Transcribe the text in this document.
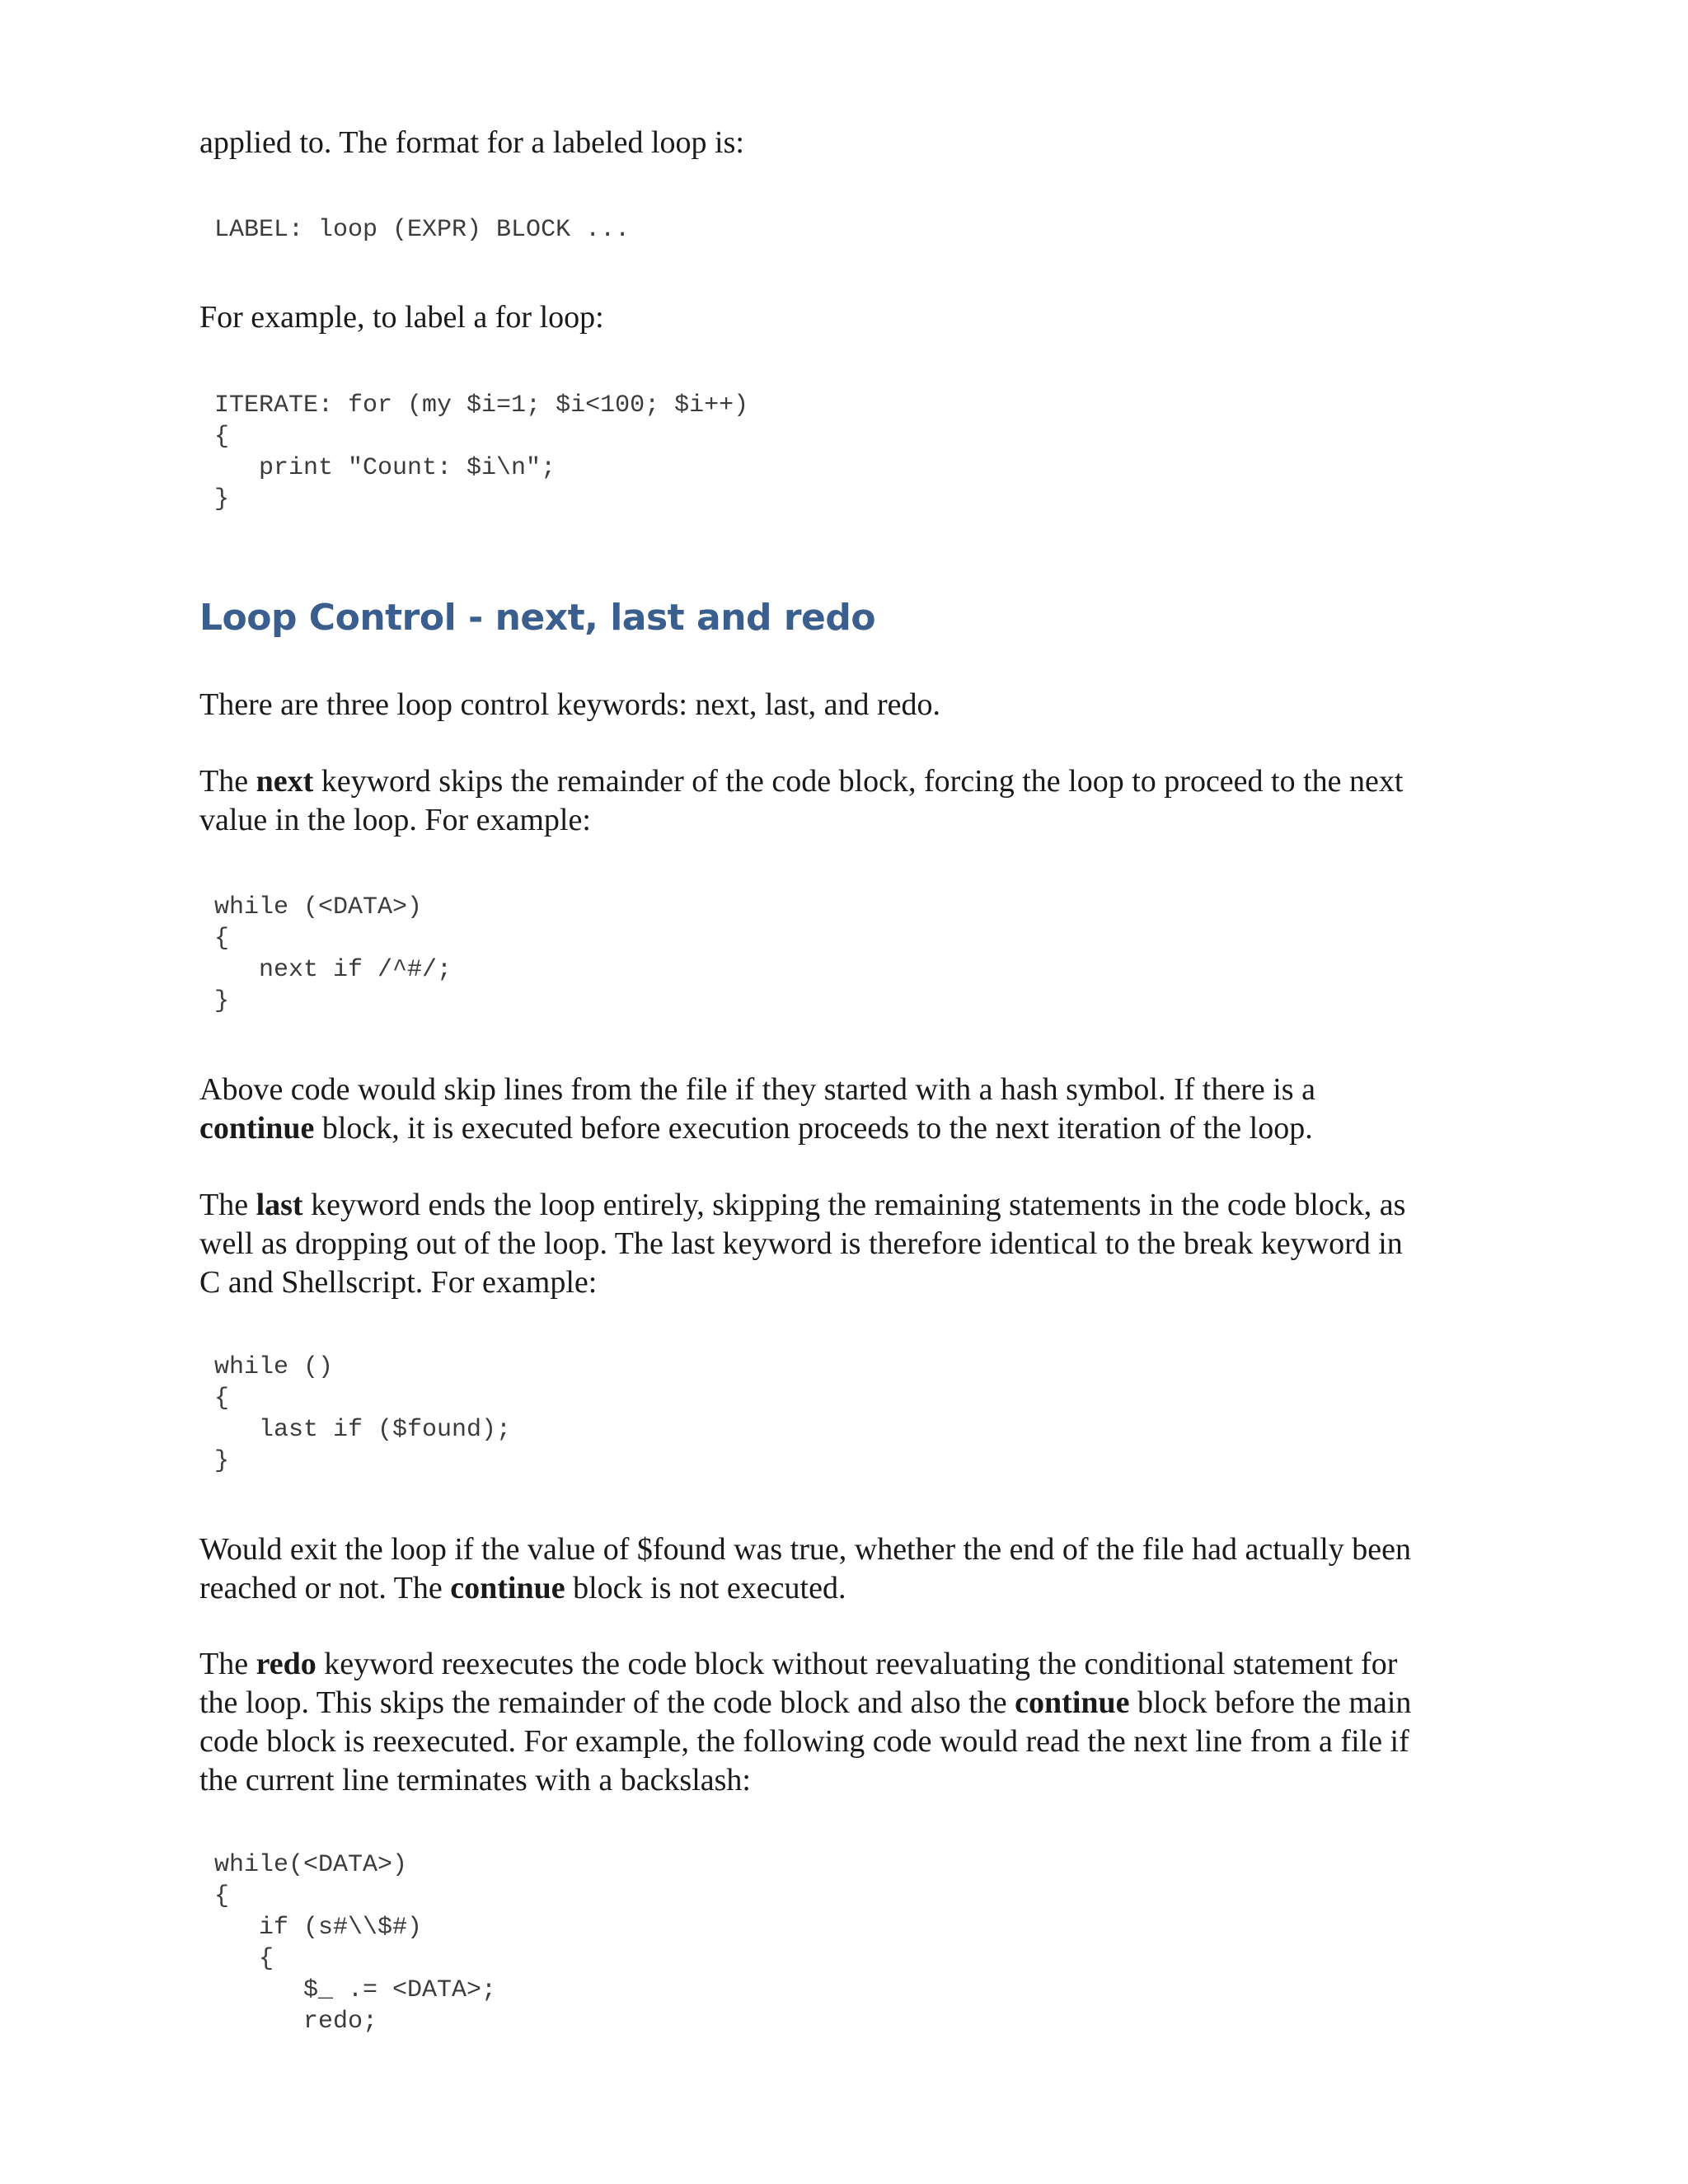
applied to. The format for a labeled loop is:

LABEL: loop (EXPR) BLOCK ...

For example, to label a for loop:

ITERATE: for (my $i=1; $i<100; $i++)
{
print "Count: $i\n";
}
Loop Control - next, last and redo

There are three loop control keywords: next, last, and redo.

The next keyword skips the remainder of the code block, forcing the loop to proceed to the next
value in the loop. For example:

while (<DATA>)
{
next if /^#/;
}

Above code would skip lines from the file if they started with a hash symbol. If there is a
continue block, it is executed before execution proceeds to the next iteration of the loop.

The last keyword ends the loop entirely, skipping the remaining statements in the code block, as
well as dropping out of the loop. The last keyword is therefore identical to the break keyword in
C and Shellscript. For example:

while ()
{
last if ($found);
}

Would exit the loop if the value of $found was true, whether the end of the file had actually been
reached or not. The continue block is not executed.

The redo keyword reexecutes the code block without reevaluating the conditional statement for
the loop. This skips the remainder of the code block and also the continue block before the main
code block is reexecuted. For example, the following code would read the next line from a file if
the current line terminates with a backslash:

while(<DATA>)
{
if (s#\\$#)
{
$_ .= <DATA>;
redo;
